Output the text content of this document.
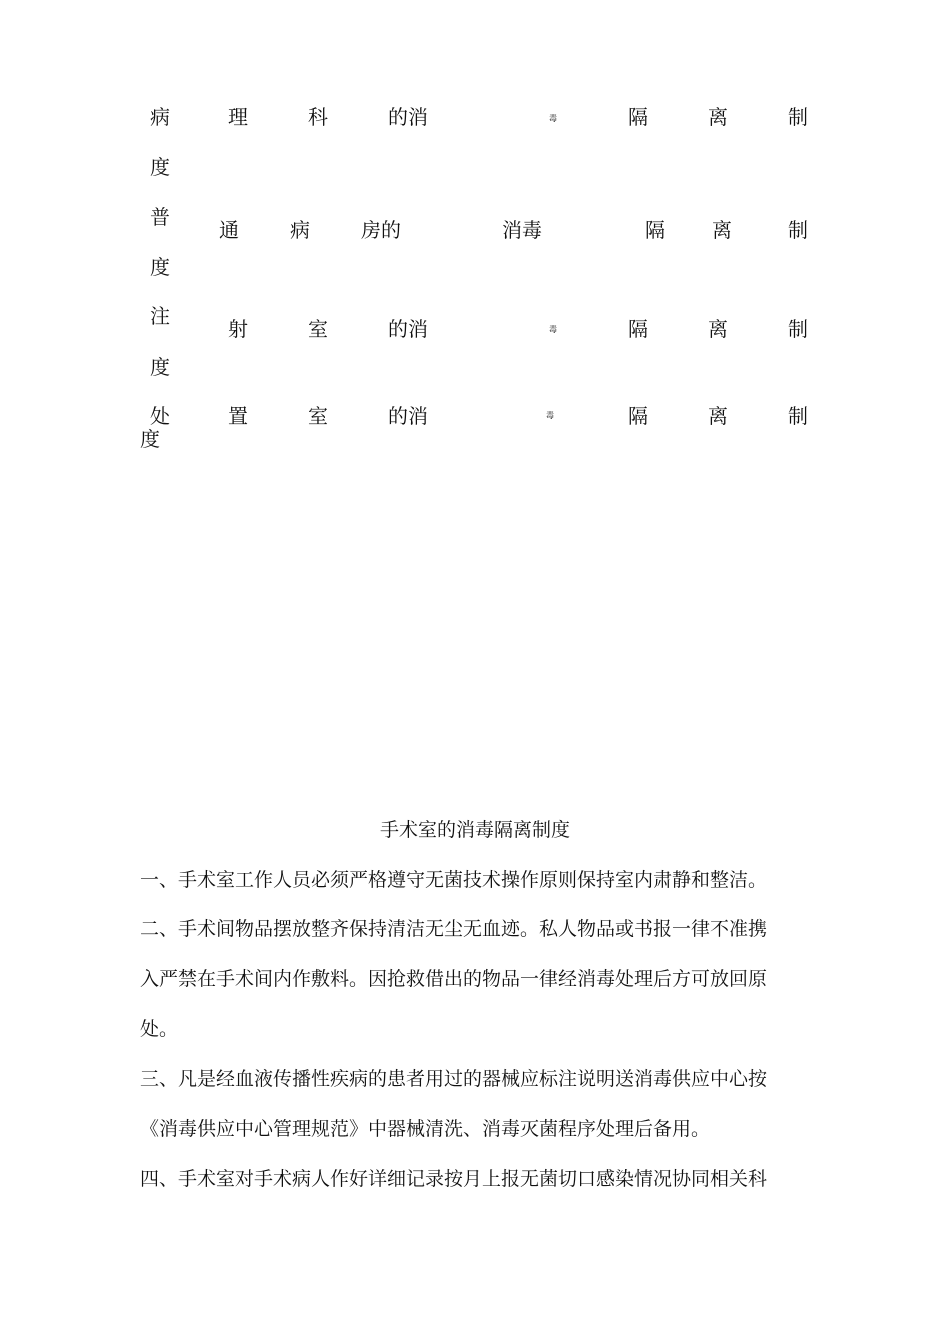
病	理	科	的消	毒	隔	离	制
度
普
通	病	房的	消毒	隔 离	制
度
注
射	室	的消	毒	隔	离	制
度
处	置	室	的消	毒	隔	离	制
度
手术室的消毒隔离制度
一、手术室工作人员必须严格遵守无菌技术操作原则保持室内肃静和整洁。
二、手术间物品摆放整齐保持清洁无尘无血迹。私人物品或书报一律不准携
入严禁在手术间内作敷料。因抢救借出的物品一律经消毒处理后方可放回原
处。
三、凡是经血液传播性疾病的患者用过的器械应标注说明送消毒供应中心按
《消毒供应中心管理规范》中器械清洗、消毒灭菌程序处理后备用。
四、手术室对手术病人作好详细记录按月上报无菌切口感染情况协同相关科
